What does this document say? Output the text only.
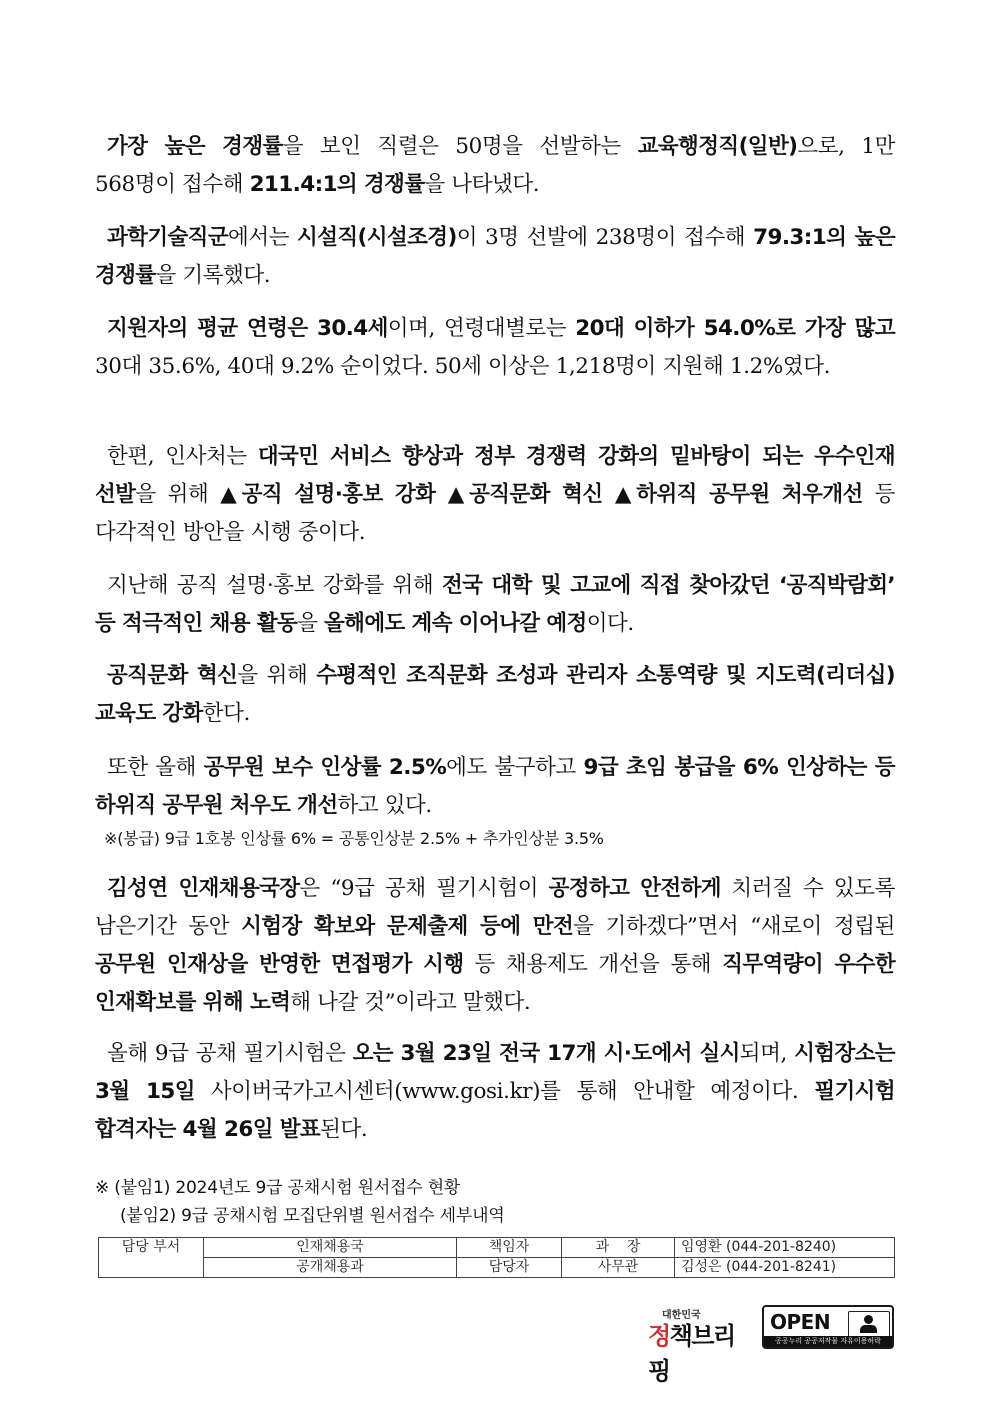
가장 높은 경쟁률을 보인 직렬은 50명을 선발하는 교육행정직(일반)으로, 1만 568명이 접수해 211.4:1의 경쟁률을 나타냈다.
과학기술직군에서는 시설직(시설조경)이 3명 선발에 238명이 접수해 79.3:1의 높은 경쟁률을 기록했다.
지원자의 평균 연령은 30.4세이며, 연령대별로는 20대 이하가 54.0%로 가장 많고 30대 35.6%, 40대 9.2% 순이었다. 50세 이상은 1,218명이 지원해 1.2%였다.
한편, 인사처는 대국민 서비스 향상과 정부 경쟁력 강화의 밑바탕이 되는 우수인재 선발을 위해 ▲공직 설명·홍보 강화 ▲공직문화 혁신 ▲하위직 공무원 처우개선 등 다각적인 방안을 시행 중이다.
지난해 공직 설명·홍보 강화를 위해 전국 대학 및 고교에 직접 찾아갔던 ‘공직박람회’ 등 적극적인 채용 활동을 올해에도 계속 이어나갈 예정이다.
공직문화 혁신을 위해 수평적인 조직문화 조성과 관리자 소통역량 및 지도력(리더십) 교육도 강화한다.
또한 올해 공무원 보수 인상률 2.5%에도 불구하고 9급 초임 봉급을 6% 인상하는 등 하위직 공무원 처우도 개선하고 있다.
※(봉급) 9급 1호봉 인상률 6% = 공통인상분 2.5% + 추가인상분 3.5%
김성연 인재채용국장은 “9급 공채 필기시험이 공정하고 안전하게 치러질 수 있도록 남은기간 동안 시험장 확보와 문제출제 등에 만전을 기하겠다”면서 “새로이 정립된 공무원 인재상을 반영한 면접평가 시행 등 채용제도 개선을 통해 직무역량이 우수한 인재확보를 위해 노력해 나갈 것”이라고 말했다.
올해 9급 공채 필기시험은 오는 3월 23일 전국 17개 시·도에서 실시되며, 시험장소는 3월 15일 사이버국가고시센터(www.gosi.kr)를 통해 안내할 예정이다. 필기시험 합격자는 4월 26일 발표된다.
※ (붙임1) 2024년도 9급 공채시험 원서접수 현황
(붙임2) 9급 공채시험 모집단위별 원서접수 세부내역
담당 부서	인재채용국	책임자	과    장	임영환 (044-201-8240)
	공개채용과	담당자	사무관	김성은 (044-201-8241)
대한민국
정책브리핑
OPEN
공공누리 공공저작물 자유이용허락
